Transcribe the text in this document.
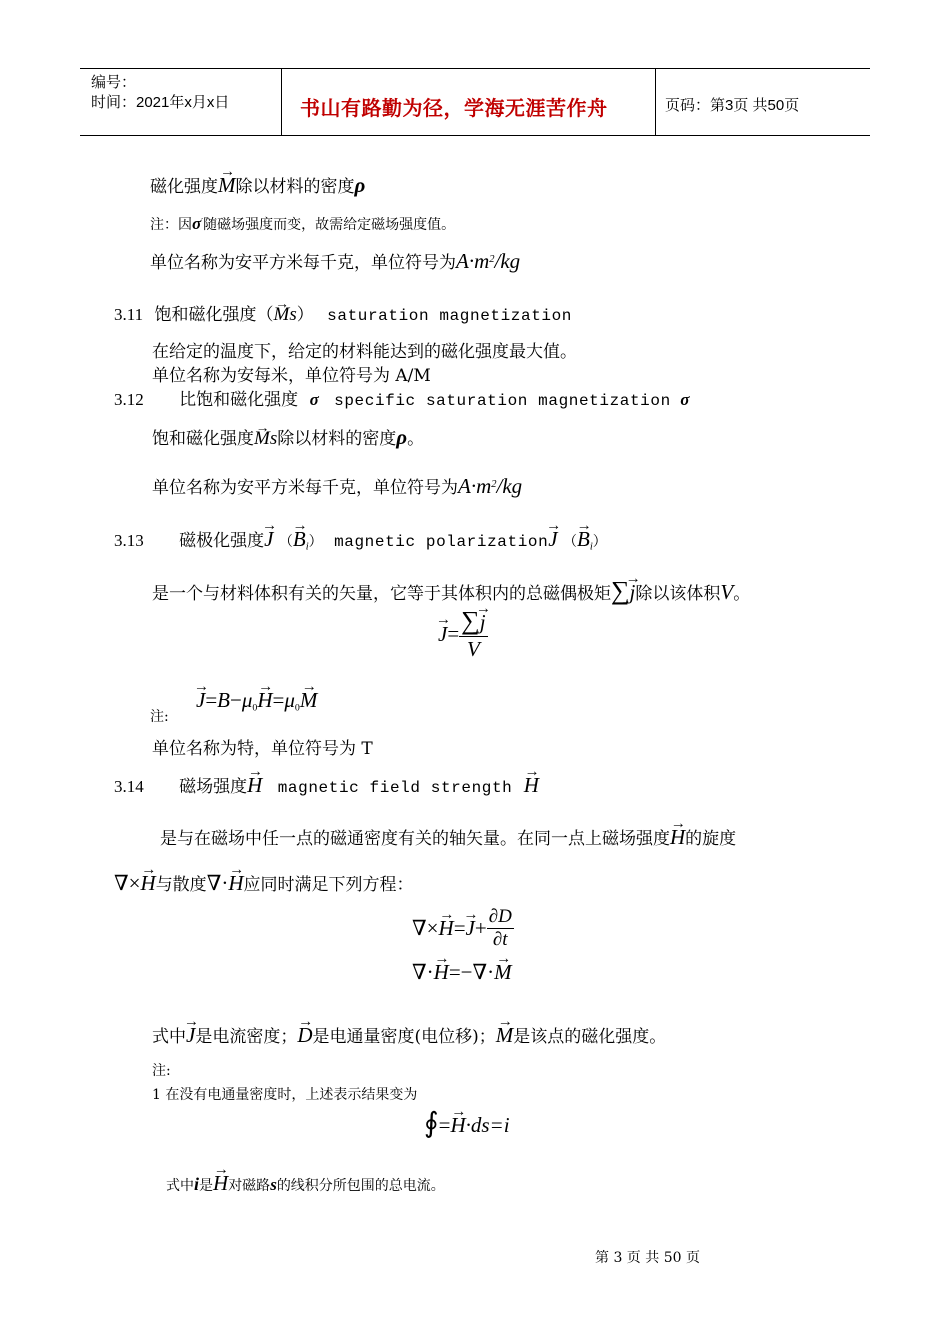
编号：
时间：2021年x月x日	书山有路勤为径，学海无涯苦作舟	页码：第3页 共50页
磁化强度→ M除以材料的密度ρ
注：因σ′随磁场强度而变，故需给定磁场强度值。
单位名称为安平方米每千克，单位符号为$A\cdot m^2/kg$
3.11 饱和磁化强度（→ Ms） saturation magnetization
在给定的温度下，给定的材料能达到的磁化强度最大值。
单位名称为安每米，单位符号为 A/M
3.12 比饱和磁化强度 σ specific saturation magnetization σ
饱和磁化强度→ Ms除以材料的密度ρ。
单位名称为安平方米每千克，单位符号为$A\cdot m^2/kg$
3.13 磁极化强度→ J （→ $B_i$） magnetic polarization→ J （→ $B_i$）
是一个与材料体积有关的矢量，它等于其体积内的总磁偶极矩∑→ j除以该体积V。
→ $J= \frac{\sum\to j}{V}$
注:
→ $J=B-\mu_0\to H=\mu_0\to M$
单位名称为特，单位符号为 T
3.14 磁场强度→ H magnetic field strength → H
是与在磁场中任一点的磁通密度有关的轴矢量。在同一点上磁场强度→ H的旋度
∇×→ H与散度∇·→ H应同时满足下列方程：
∇×→ $H=\to J+ \frac{\partial D}{\partial t}$
∇·→ H=−∇·→ M
式中→ J是电流密度；→ D是电通量密度(电位移)；→ M是该点的磁化强度。
注:
1 在没有电通量密度时，上述表示结果变为
∮=→ H·ds=i
式中i是→ H对磁路s的线积分所包围的总电流。
第 3 页 共 50 页
